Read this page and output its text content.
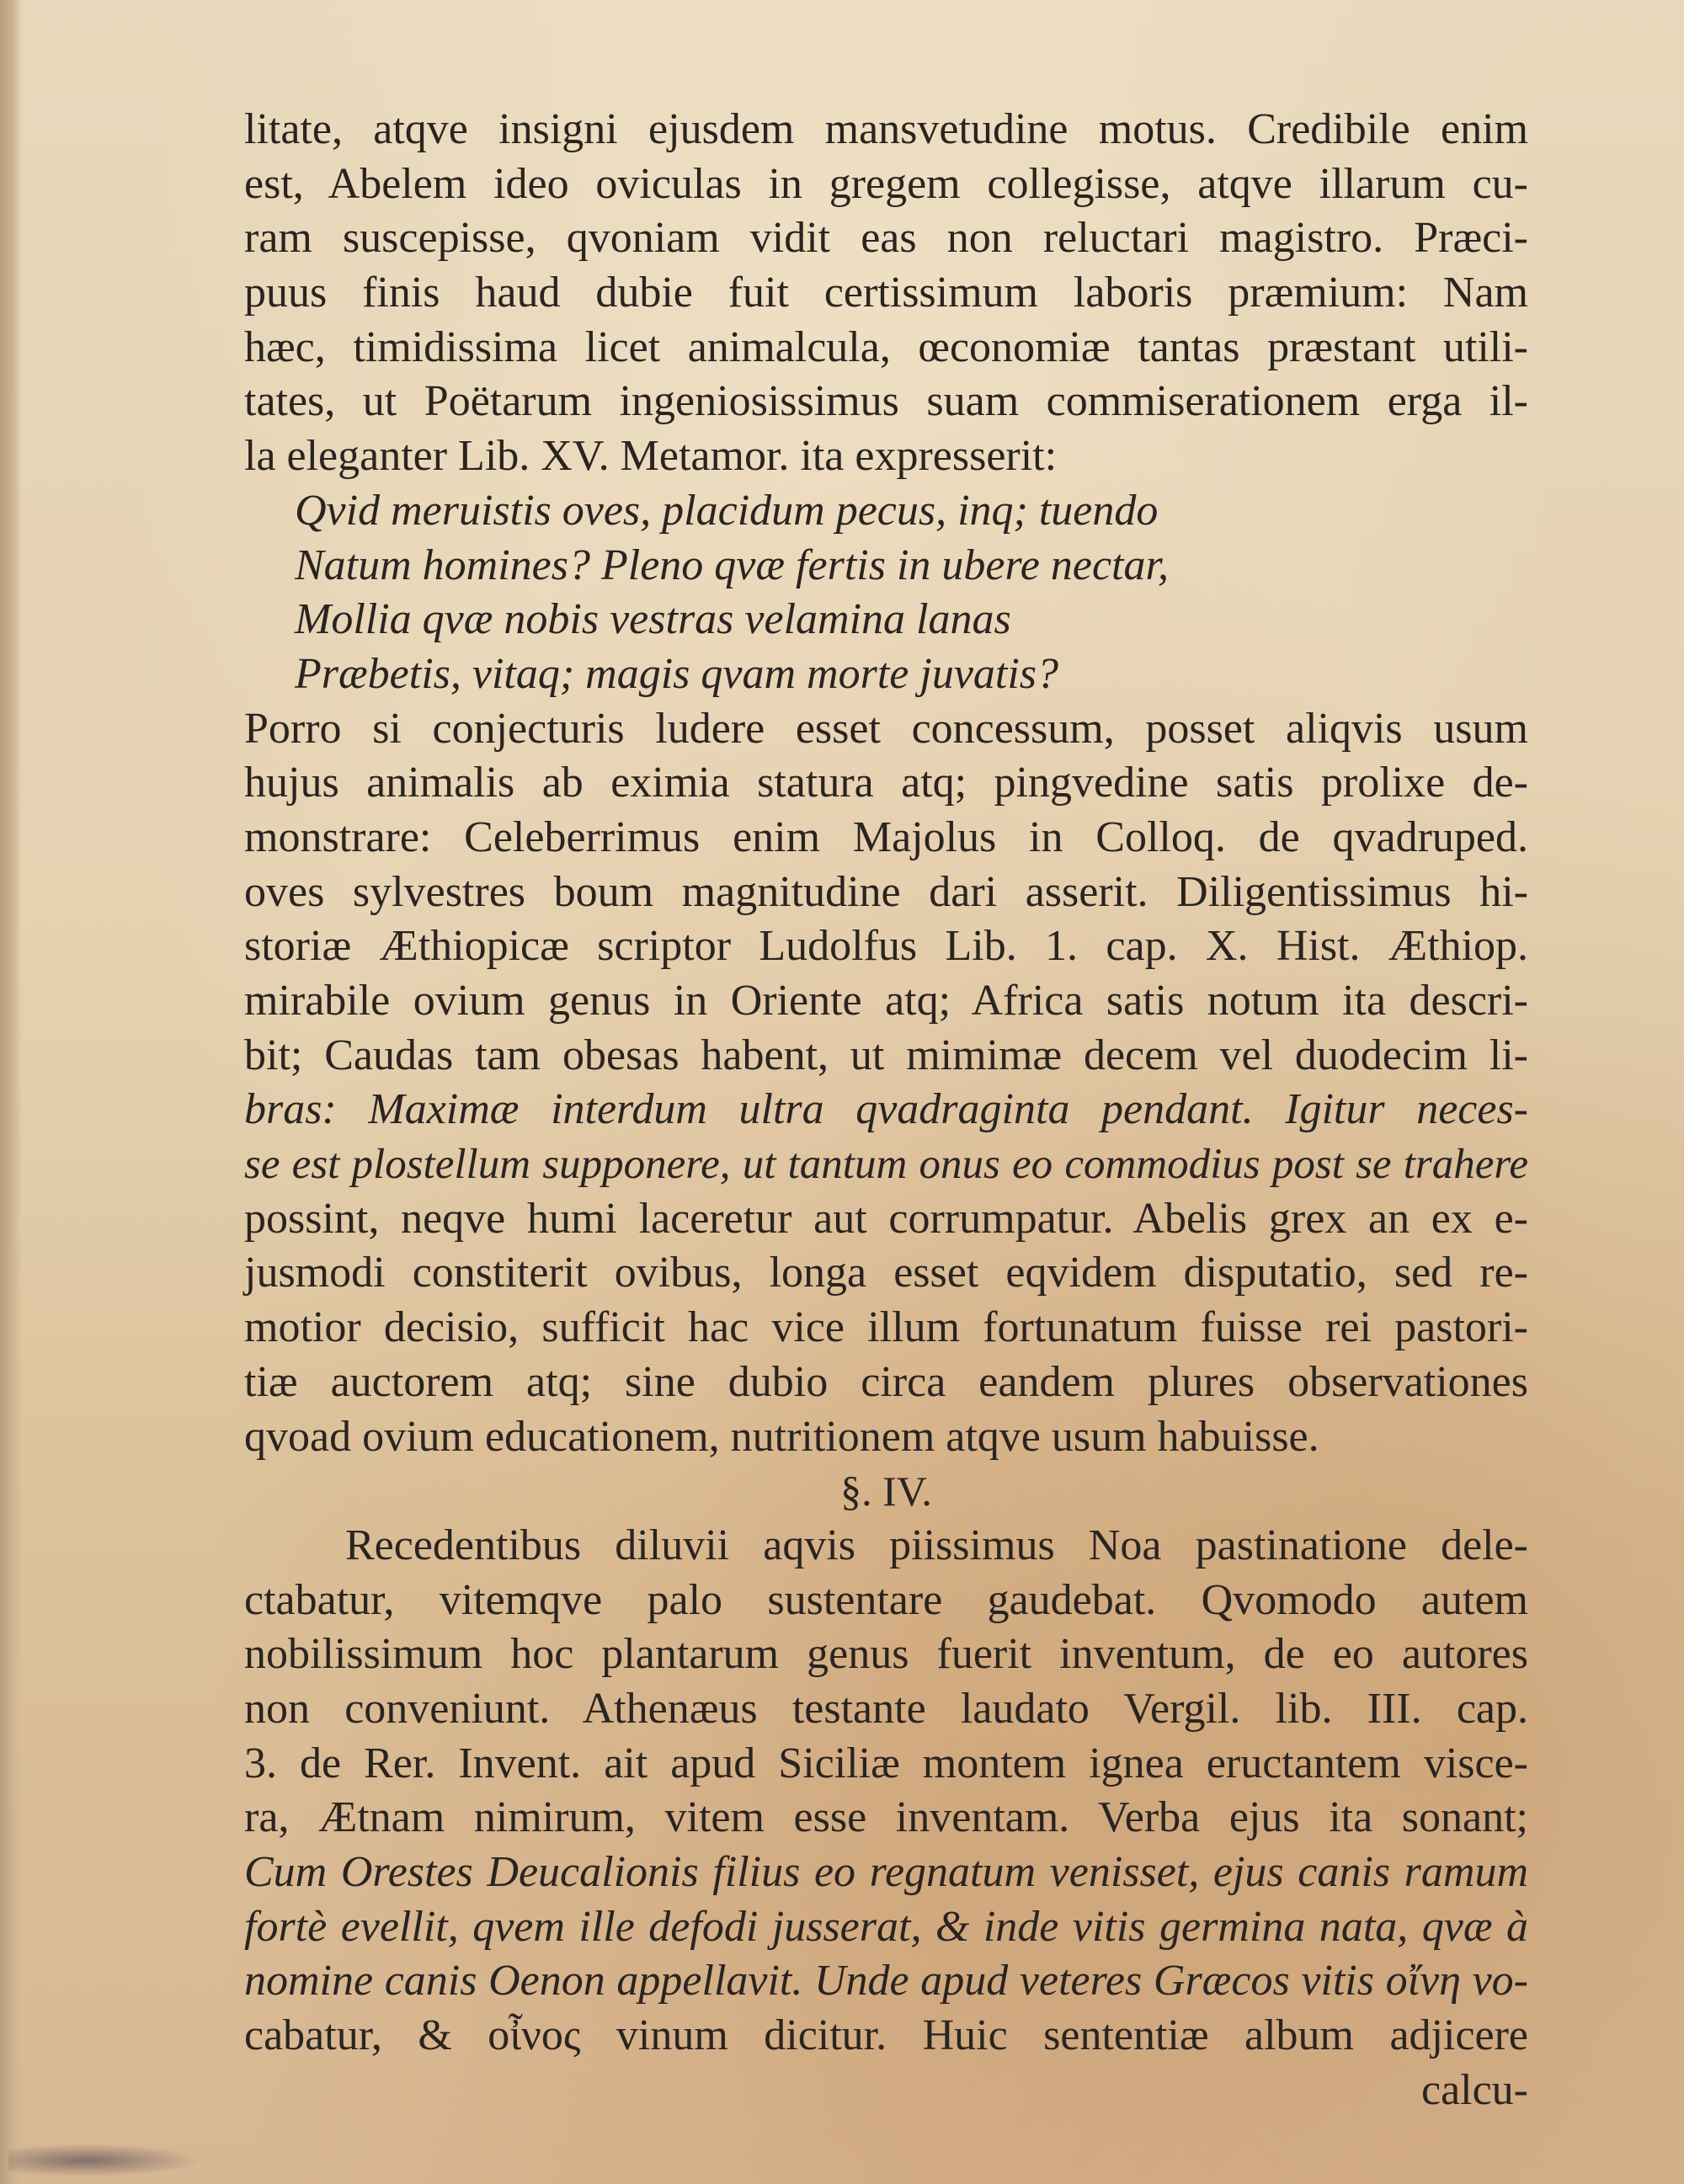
litate, atqve insigni ejusdem mansvetudine motus. Credibile enim
est, Abelem ideo oviculas in gregem collegisse, atqve illarum cu-
ram suscepisse, qvoniam vidit eas non reluctari magistro. Præci-
puus finis haud dubie fuit certissimum laboris præmium: Nam
hæc, timidissima licet animalcula, œconomiæ tantas præstant utili-
tates, ut Poëtarum ingeniosissimus suam commiserationem erga il-
la eleganter Lib. XV. Metamor. ita expresserit:
Qvid meruistis oves, placidum pecus, inq; tuendo
Natum homines? Pleno qvæ fertis in ubere nectar,
Mollia qvæ nobis vestras velamina lanas
Præbetis, vitaq; magis qvam morte juvatis?
Porro si conjecturis ludere esset concessum, posset aliqvis usum
hujus animalis ab eximia statura atq; pingvedine satis prolixe de-
monstrare: Celeberrimus enim Majolus in Colloq. de qvadruped.
oves sylvestres boum magnitudine dari asserit. Diligentissimus hi-
storiæ Æthiopicæ scriptor Ludolfus Lib. 1. cap. X. Hist. Æthiop.
mirabile ovium genus in Oriente atq; Africa satis notum ita descri-
bit; Caudas tam obesas habent, ut mimimæ decem vel duodecim li-
bras: Maximæ interdum ultra qvadraginta pendant. Igitur neces-
se est plostellum supponere, ut tantum onus eo commodius post se trahere
possint, neqve humi laceretur aut corrumpatur. Abelis grex an ex e-
jusmodi constiterit ovibus, longa esset eqvidem disputatio, sed re-
motior decisio, sufficit hac vice illum fortunatum fuisse rei pastori-
tiæ auctorem atq; sine dubio circa eandem plures observationes
qvoad ovium educationem, nutritionem atqve usum habuisse.
§. IV.
Recedentibus diluvii aqvis piissimus Noa pastinatione dele-
ctabatur, vitemqve palo sustentare gaudebat. Qvomodo autem
nobilissimum hoc plantarum genus fuerit inventum, de eo autores
non conveniunt. Athenæus testante laudato Vergil. lib. III. cap.
3. de Rer. Invent. ait apud Siciliæ montem ignea eructantem visce-
ra, Ætnam nimirum, vitem esse inventam. Verba ejus ita sonant;
Cum Orestes Deucalionis filius eo regnatum venisset, ejus canis ramum
fortè evellit, qvem ille defodi jusserat, & inde vitis germina nata, qvæ à
nomine canis Oenon appellavit. Unde apud veteres Græcos vitis οἴνη vo-
cabatur, & οἶνος vinum dicitur. Huic sententiæ album adjicere
calcu-
